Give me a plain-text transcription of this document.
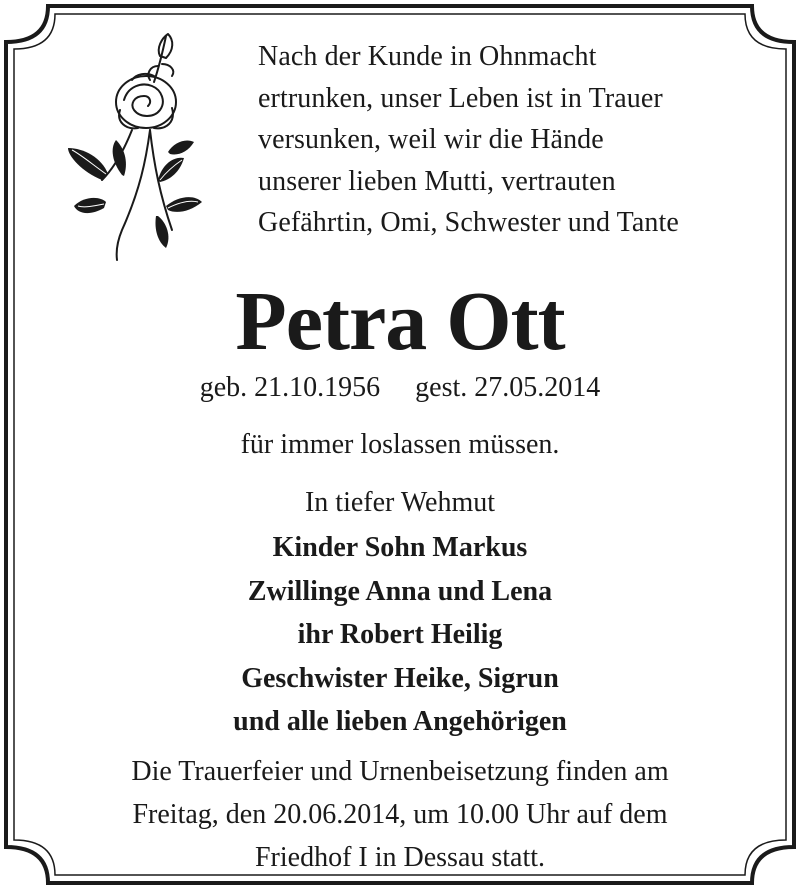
Nach der Kunde in Ohnmacht
ertrunken, unser Leben ist in Trauer
versunken, weil wir die Hände
unserer lieben Mutti, vertrauten
Gefährtin, Omi, Schwester und Tante
Petra Ott
geb. 21.10.1956     gest. 27.05.2014
für immer loslassen müssen.
In tiefer Wehmut
Kinder Sohn Markus
Zwillinge Anna und Lena
ihr Robert Heilig
Geschwister Heike, Sigrun
und alle lieben Angehörigen
Die Trauerfeier und Urnenbeisetzung finden am
Freitag, den 20.06.2014, um 10.00 Uhr auf dem
Friedhof I in Dessau statt.
